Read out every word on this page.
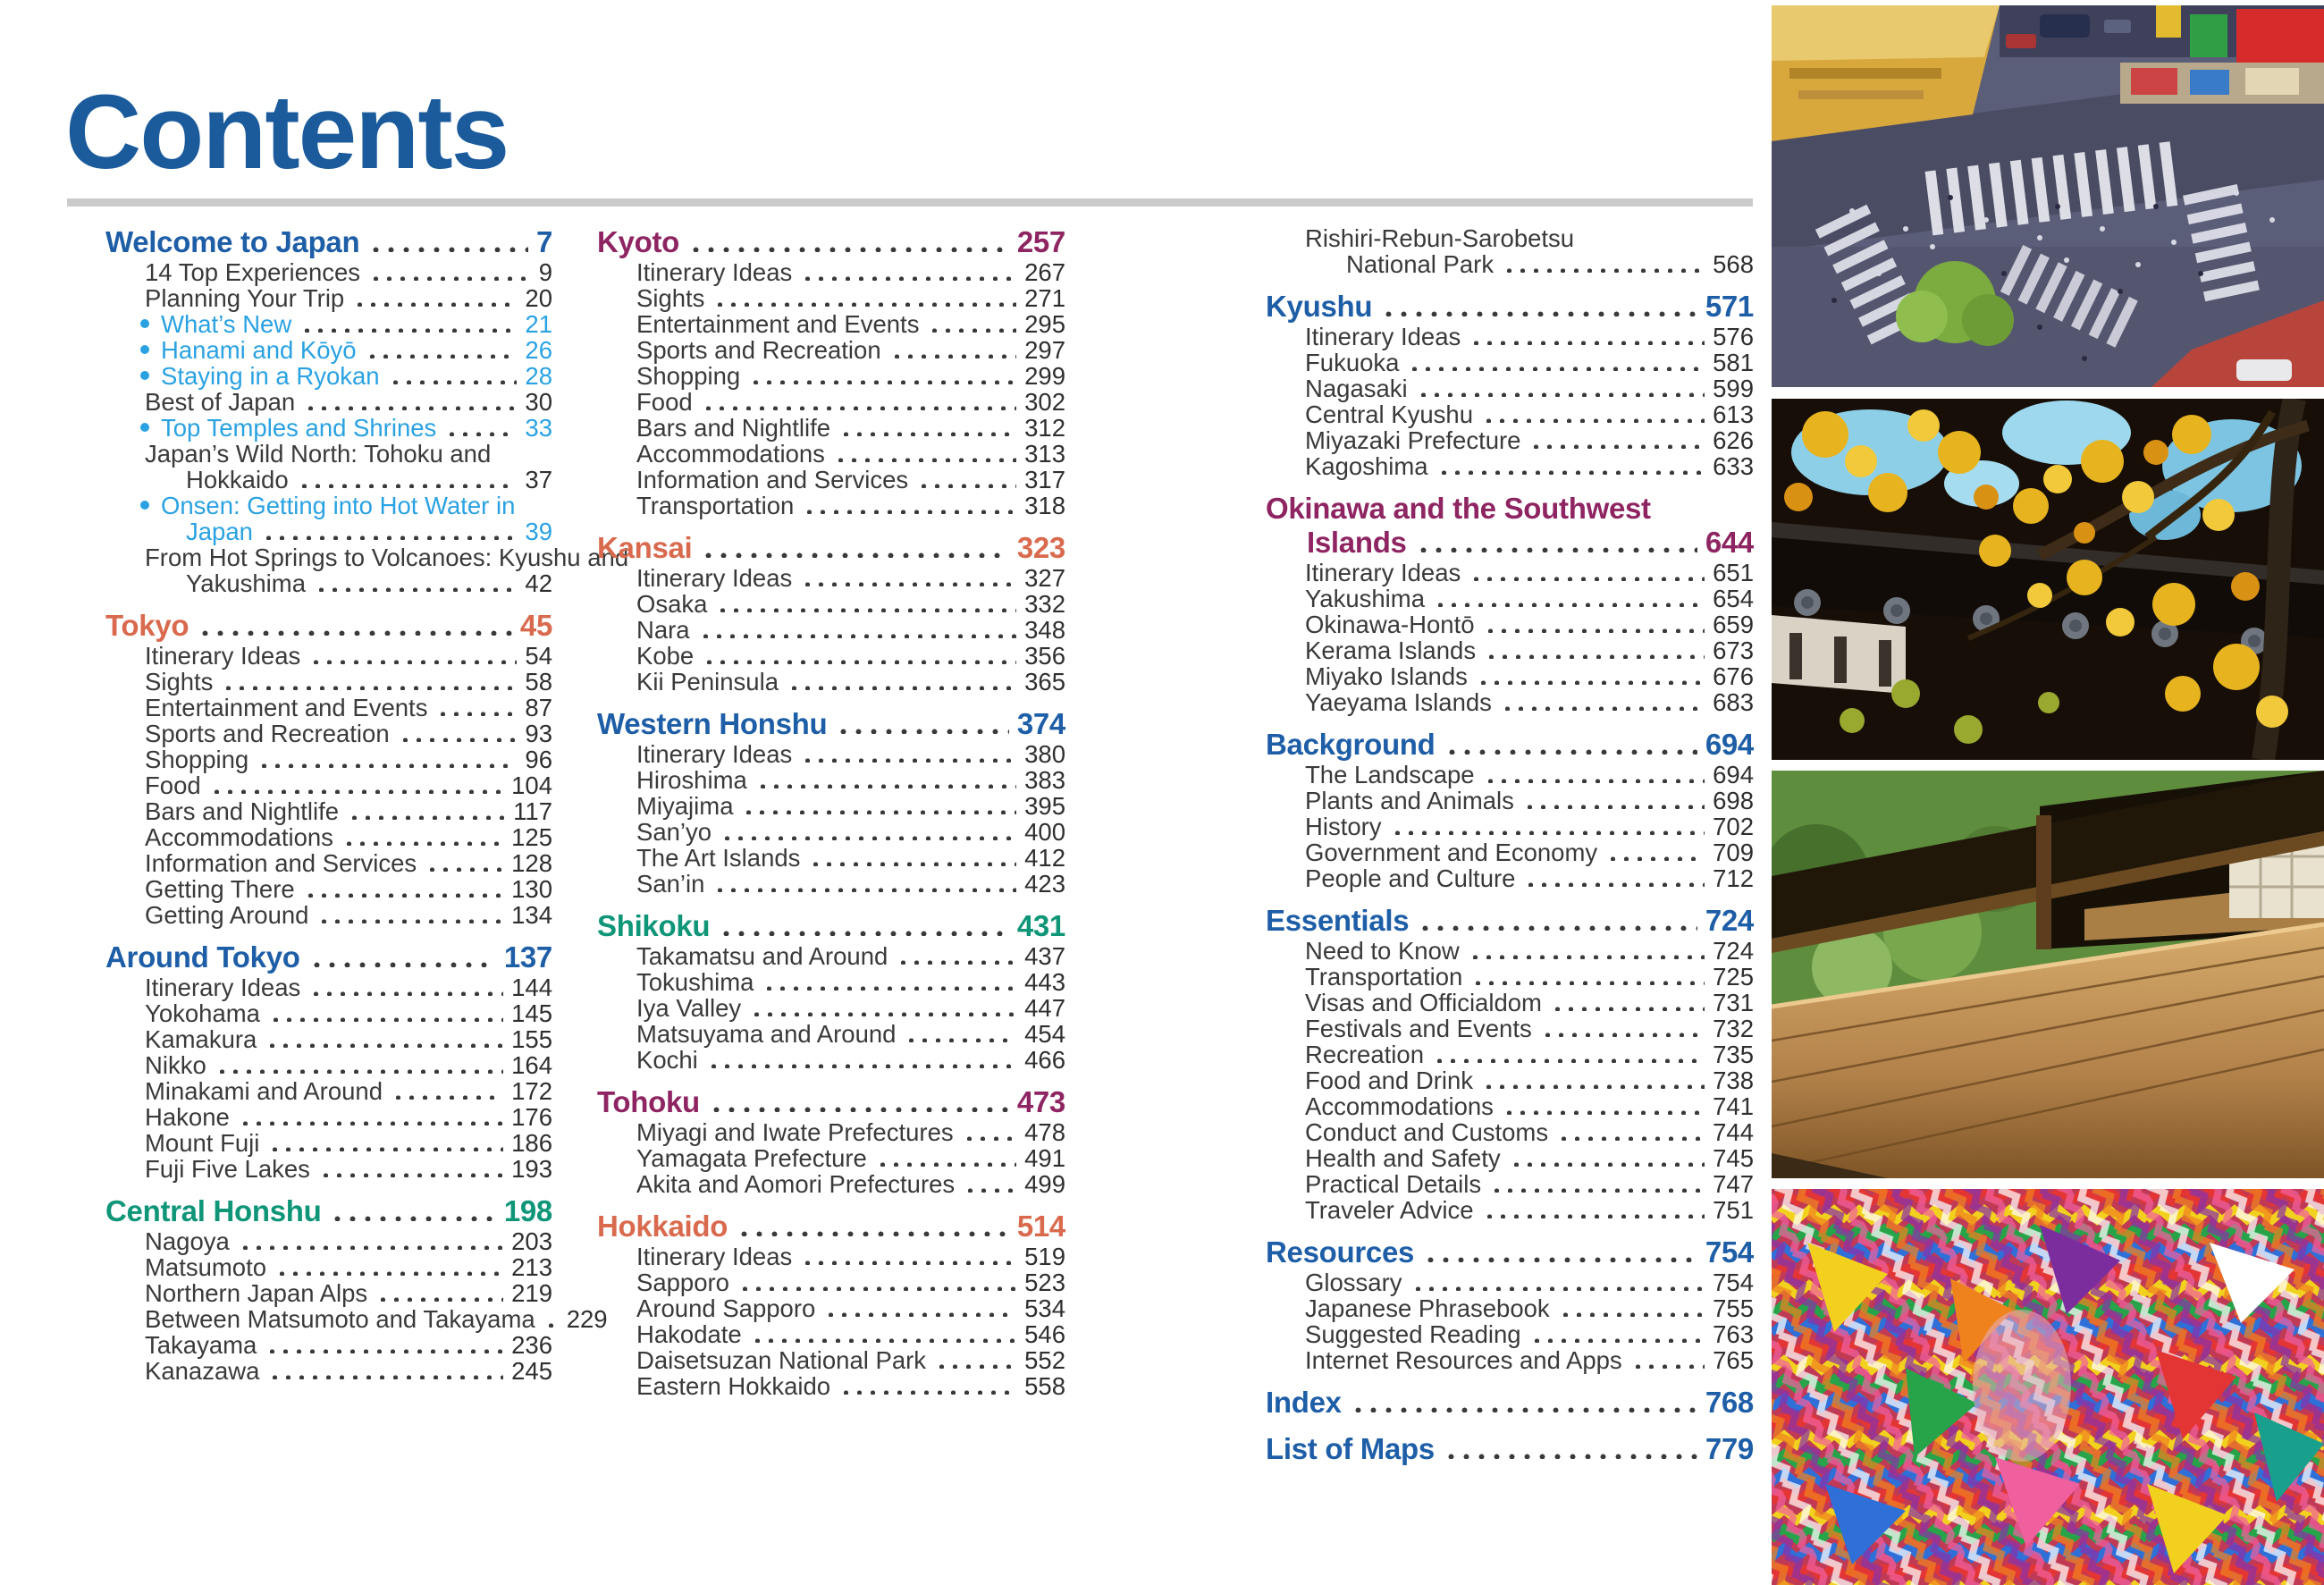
Contents
Welcome to Japan	7
14 Top Experiences	9
Planning Your Trip	20
What’s New	21
Hanami and Kōyō	26
Staying in a Ryokan	28
Best of Japan	30
Top Temples and Shrines	33
Japan’s Wild North: Tohoku and
Hokkaido	37
Onsen: Getting into Hot Water in
Japan	39
From Hot Springs to Volcanoes: Kyushu and
Yakushima	42
Tokyo	45
Itinerary Ideas	54
Sights	58
Entertainment and Events	87
Sports and Recreation	93
Shopping	96
Food	104
Bars and Nightlife	117
Accommodations	125
Information and Services	128
Getting There	130
Getting Around	134
Around Tokyo	137
Itinerary Ideas	144
Yokohama	145
Kamakura	155
Nikko	164
Minakami and Around	172
Hakone	176
Mount Fuji	186
Fuji Five Lakes	193
Central Honshu	198
Nagoya	203
Matsumoto	213
Northern Japan Alps	219
Between Matsumoto and Takayama 229
Takayama	236
Kanazawa	245
Kyoto	257
Itinerary Ideas	267
Sights	271
Entertainment and Events	295
Sports and Recreation	297
Shopping	299
Food	302
Bars and Nightlife	312
Accommodations	313
Information and Services	317
Transportation	318
Kansai	323
Itinerary Ideas	327
Osaka	332
Nara	348
Kobe	356
Kii Peninsula	365
Western Honshu	374
Itinerary Ideas	380
Hiroshima	383
Miyajima	395
San’yo	400
The Art Islands	412
San’in	423
Shikoku	431
Takamatsu and Around	437
Tokushima	443
Iya Valley	447
Matsuyama and Around	454
Kochi	466
Tohoku	473
Miyagi and Iwate Prefectures	478
Yamagata Prefecture	491
Akita and Aomori Prefectures	499
Hokkaido	514
Itinerary Ideas	519
Sapporo	523
Around Sapporo	534
Hakodate	546
Daisetsuzan National Park	552
Eastern Hokkaido	558
Rishiri-Rebun-Sarobetsu
National Park	568
Kyushu	571
Itinerary Ideas	576
Fukuoka	581
Nagasaki	599
Central Kyushu	613
Miyazaki Prefecture	626
Kagoshima	633
Okinawa and the Southwest
Islands	644
Itinerary Ideas	651
Yakushima	654
Okinawa-Hontō	659
Kerama Islands	673
Miyako Islands	676
Yaeyama Islands	683
Background	694
The Landscape	694
Plants and Animals	698
History	702
Government and Economy	709
People and Culture	712
Essentials	724
Need to Know	724
Transportation	725
Visas and Officialdom	731
Festivals and Events	732
Recreation	735
Food and Drink	738
Accommodations	741
Conduct and Customs	744
Health and Safety	745
Practical Details	747
Traveler Advice	751
Resources	754
Glossary	754
Japanese Phrasebook	755
Suggested Reading	763
Internet Resources and Apps	765
Index	768
List of Maps	779
